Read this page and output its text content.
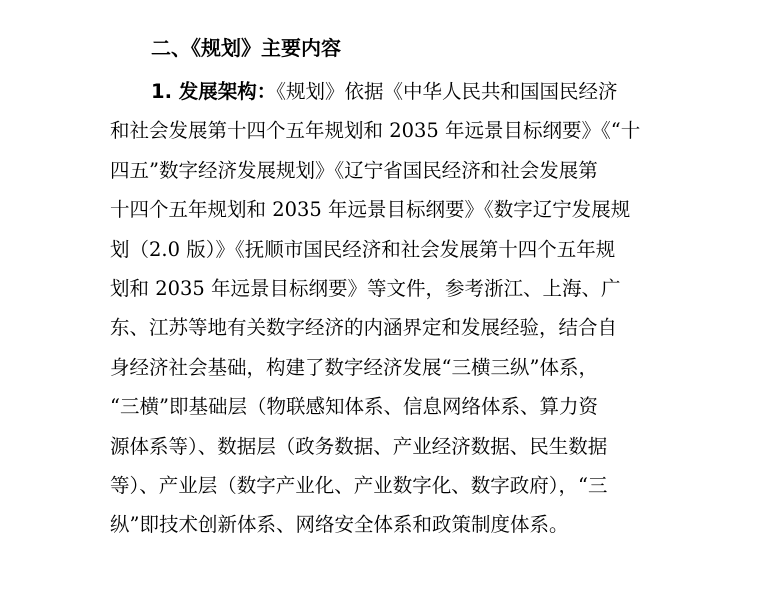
二、《规划》主要内容
1. 发展架构：《规划》依据《中华人民共和国国民经济
和社会发展第十四个五年规划和 2035 年远景目标纲要》《“十
四五”数字经济发展规划》《辽宁省国民经济和社会发展第
十四个五年规划和 2035 年远景目标纲要》《数字辽宁发展规
划（2.0 版）》《抚顺市国民经济和社会发展第十四个五年规
划和 2035 年远景目标纲要》等文件，参考浙江、上海、广
东、江苏等地有关数字经济的内涵界定和发展经验，结合自
身经济社会基础，构建了数字经济发展“三横三纵”体系，
“三横”即基础层（物联感知体系、信息网络体系、算力资
源体系等）、数据层（政务数据、产业经济数据、民生数据
等）、产业层（数字产业化、产业数字化、数字政府），“三
纵”即技术创新体系、网络安全体系和政策制度体系。
